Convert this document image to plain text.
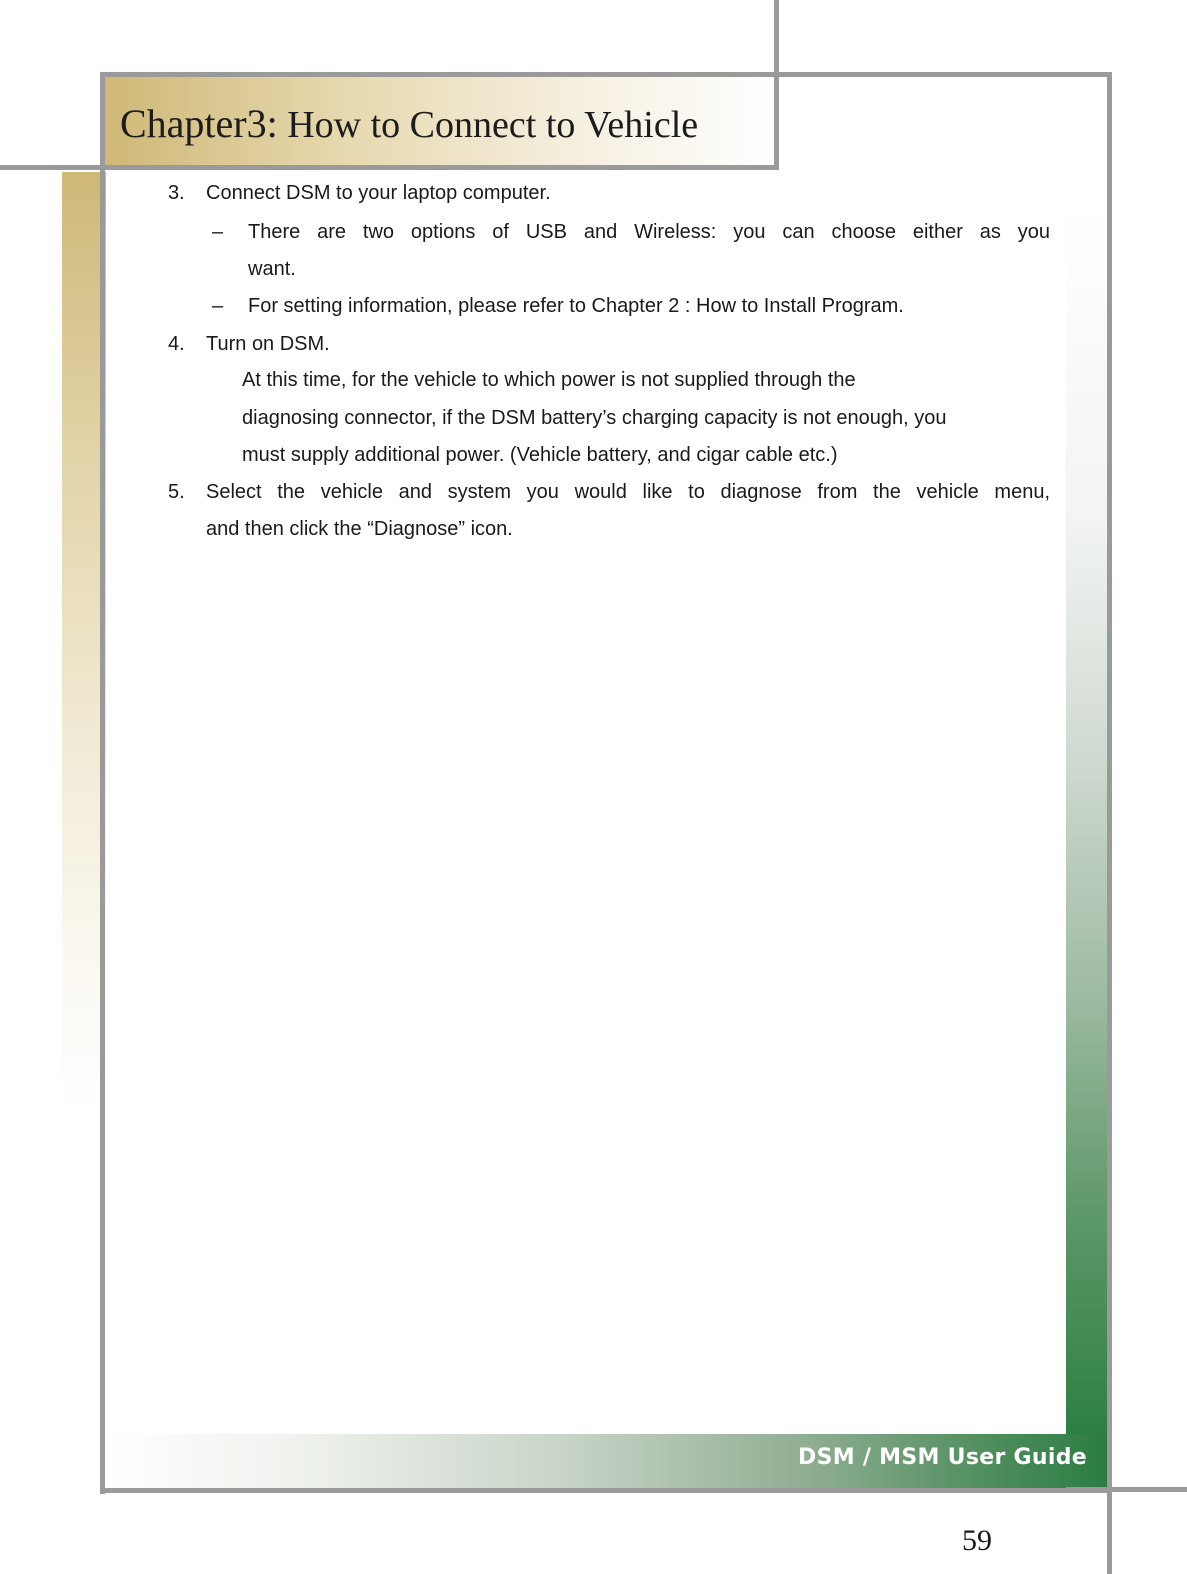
Chapter3: How to Connect to Vehicle
3. Connect DSM to your laptop computer.
– There are two options of USB and Wireless: you can choose either as you
want.
– For setting information, please refer to Chapter 2 : How to Install Program.
4. Turn on DSM.
At this time, for the vehicle to which power is not supplied through the
diagnosing connector, if the DSM battery’s charging capacity is not enough, you
must supply additional power. (Vehicle battery, and cigar cable etc.)
5. Select the vehicle and system you would like to diagnose from the vehicle menu,
and then click the “Diagnose” icon.
DSM / MSM User Guide
59
